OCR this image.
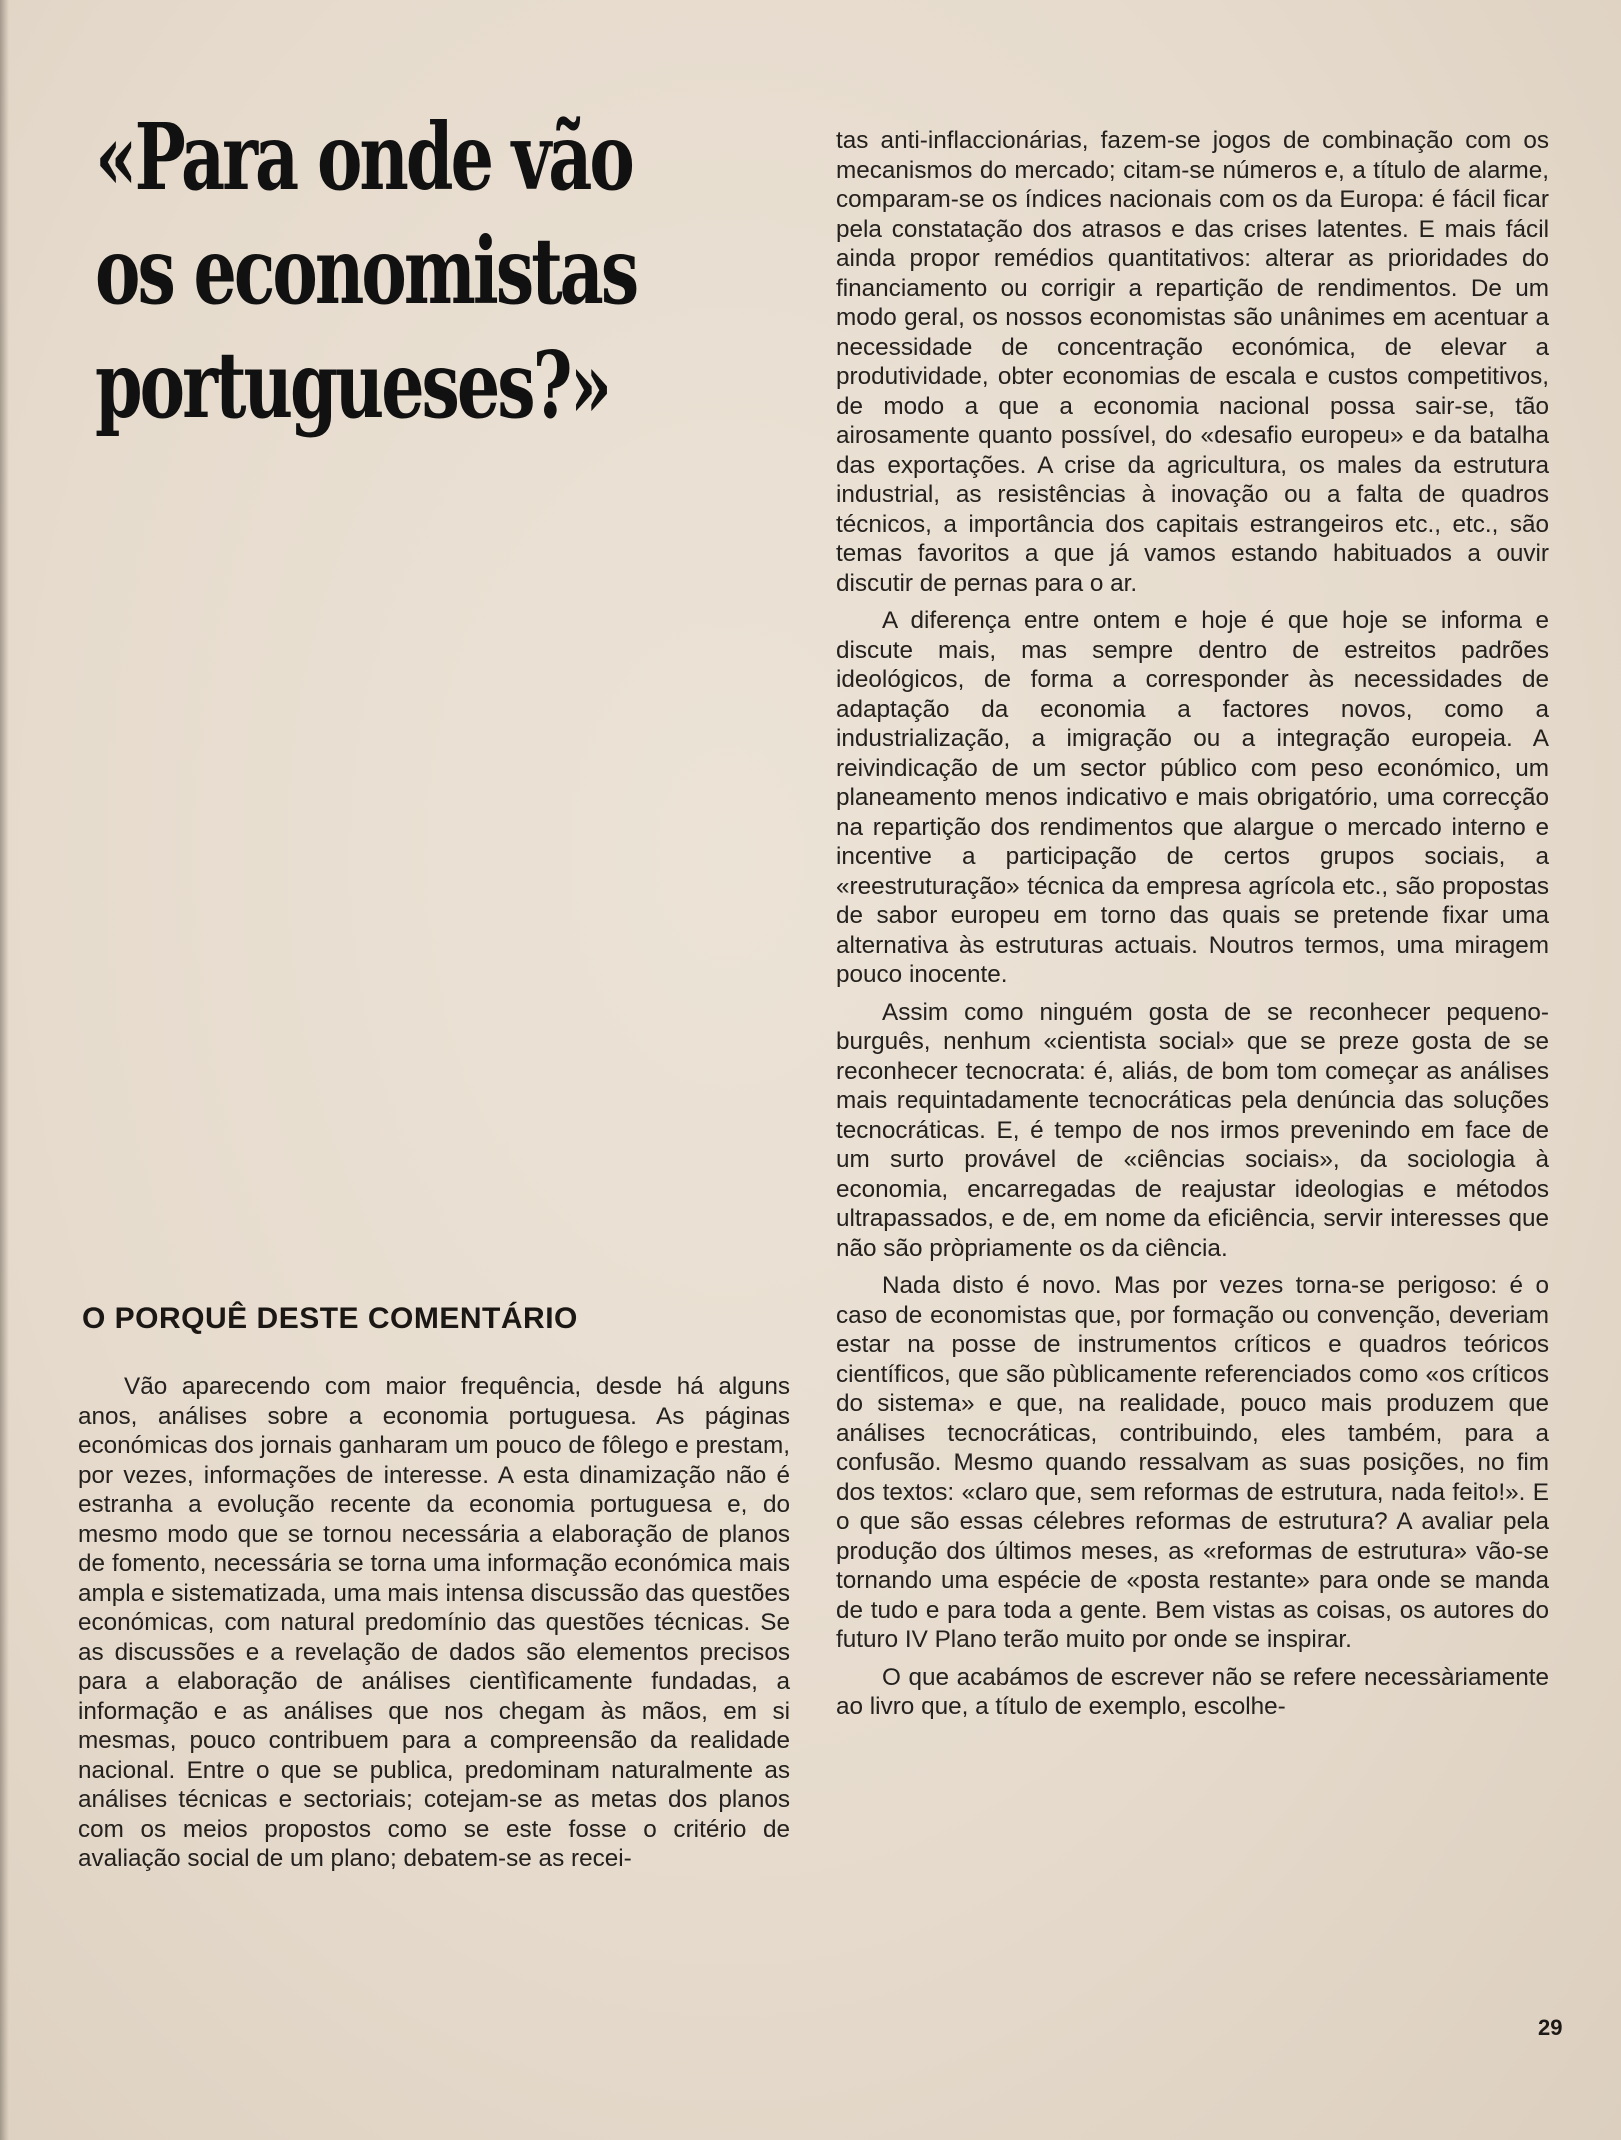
«Para onde vão
os economistas
portugueses?»
O PORQUÊ DESTE COMENTÁRIO

Vão aparecendo com maior frequência, desde há alguns anos, análises sobre a economia portuguesa. As páginas económicas dos jornais ganharam um pouco de fôlego e prestam, por vezes, informações de interesse. A esta dinamização não é estranha a evolução recente da economia portuguesa e, do mesmo modo que se tornou necessária a elaboração de planos de fomento, necessária se torna uma informação económica mais ampla e sistematizada, uma mais intensa discussão das questões económicas, com natural predomínio das questões técnicas. Se as discussões e a revelação de dados são elementos precisos para a elaboração de análises cientìficamente fundadas, a informação e as análises que nos chegam às mãos, em si mesmas, pouco contribuem para a compreensão da realidade nacional. Entre o que se publica, predominam naturalmente as análises técnicas e sectoriais; cotejam-se as metas dos planos com os meios propostos como se este fosse o critério de avaliação social de um plano; debatem-se as recei-

tas anti-inflaccionárias, fazem-se jogos de combinação com os mecanismos do mercado; citam-se números e, a título de alarme, comparam-se os índices nacionais com os da Europa: é fácil ficar pela constatação dos atrasos e das crises latentes. E mais fácil ainda propor remédios quantitativos: alterar as prioridades do financiamento ou corrigir a repartição de rendimentos. De um modo geral, os nossos economistas são unânimes em acentuar a necessidade de concentração económica, de elevar a produtividade, obter economias de escala e custos competitivos, de modo a que a economia nacional possa sair-se, tão airosamente quanto possível, do «desafio europeu» e da batalha das exportações. A crise da agricultura, os males da estrutura industrial, as resistências à inovação ou a falta de quadros técnicos, a importância dos capitais estrangeiros etc., etc., são temas favoritos a que já vamos estando habituados a ouvir discutir de pernas para o ar.

A diferença entre ontem e hoje é que hoje se informa e discute mais, mas sempre dentro de estreitos padrões ideológicos, de forma a corresponder às necessidades de adaptação da economia a factores novos, como a industrialização, a imigração ou a integração europeia. A reivindicação de um sector público com peso económico, um planeamento menos indicativo e mais obrigatório, uma correcção na repartição dos rendimentos que alargue o mercado interno e incentive a participação de certos grupos sociais, a «reestruturação» técnica da empresa agrícola etc., são propostas de sabor europeu em torno das quais se pretende fixar uma alternativa às estruturas actuais. Noutros termos, uma miragem pouco inocente.

Assim como ninguém gosta de se reconhecer pequeno-burguês, nenhum «cientista social» que se preze gosta de se reconhecer tecnocrata: é, aliás, de bom tom começar as análises mais requintadamente tecnocráticas pela denúncia das soluções tecnocráticas. E, é tempo de nos irmos prevenindo em face de um surto provável de «ciências sociais», da sociologia à economia, encarregadas de reajustar ideologias e métodos ultrapassados, e de, em nome da eficiência, servir interesses que não são pròpriamente os da ciência.

Nada disto é novo. Mas por vezes torna-se perigoso: é o caso de economistas que, por formação ou convenção, deveriam estar na posse de instrumentos críticos e quadros teóricos científicos, que são pùblicamente referenciados como «os críticos do sistema» e que, na realidade, pouco mais produzem que análises tecnocráticas, contribuindo, eles também, para a confusão. Mesmo quando ressalvam as suas posições, no fim dos textos: «claro que, sem reformas de estrutura, nada feito!». E o que são essas célebres reformas de estrutura? A avaliar pela produção dos últimos meses, as «reformas de estrutura» vão-se tornando uma espécie de «posta restante» para onde se manda de tudo e para toda a gente. Bem vistas as coisas, os autores do futuro IV Plano terão muito por onde se inspirar.

O que acabámos de escrever não se refere necessàriamente ao livro que, a título de exemplo, escolhe-

29
